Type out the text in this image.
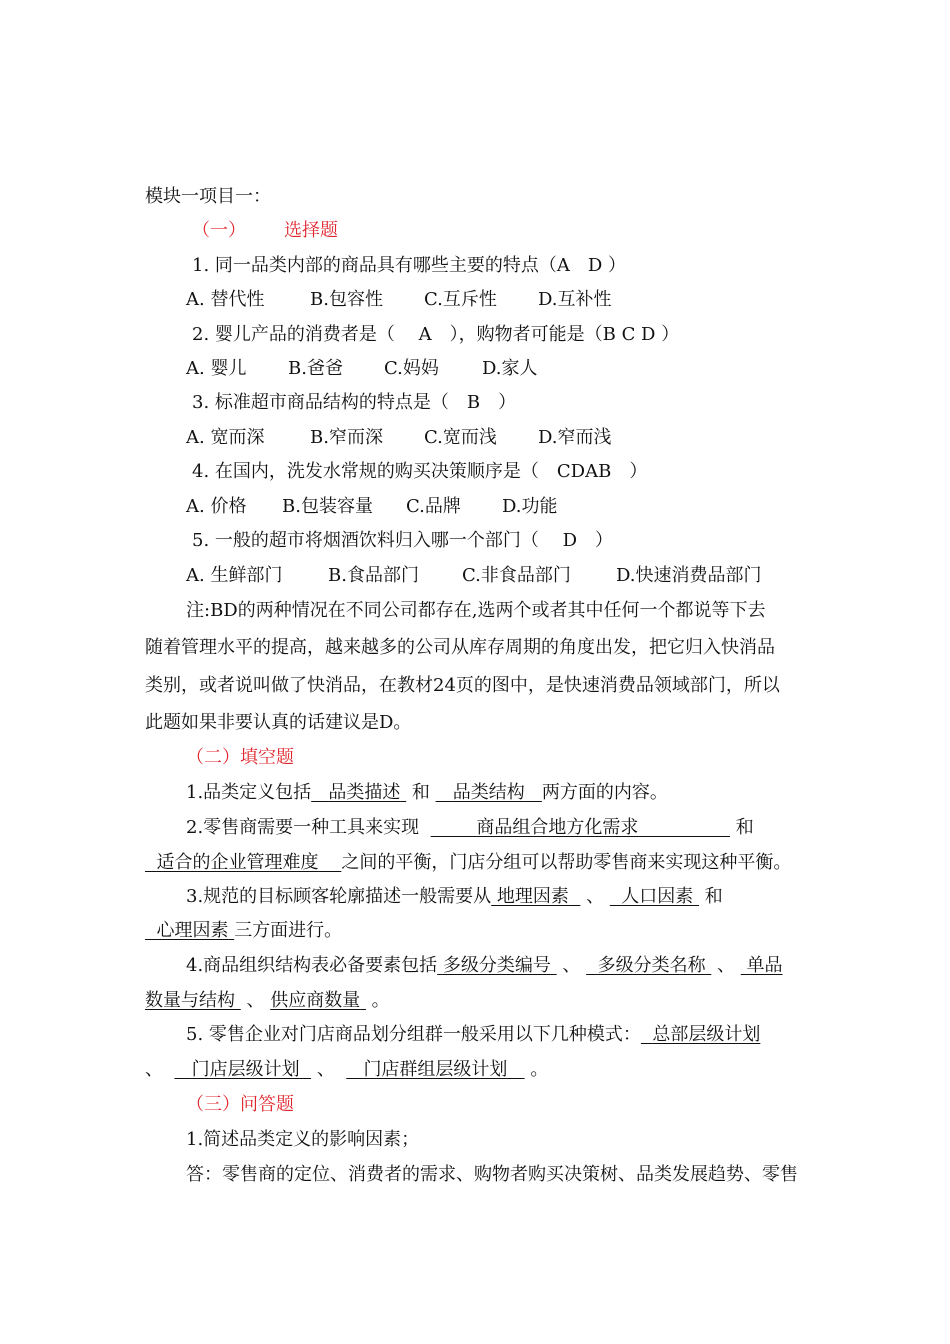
模块一项目一：
（一） 选择题
1. 同一品类内部的商品具有哪些主要的特点（A　D ）
A. 替代性	B.包容性 C.互斥性 D.互补性
2. 婴儿产品的消费者是（　 A　），购物者可能是（B C D ）
A. 婴儿 B.爸爸 C.妈妈 D.家人
3. 标准超市商品结构的特点是（　B　）
A. 宽而深	B.窄而深 C.宽而浅 D.窄而浅
4. 在国内，洗发水常规的购买决策顺序是（　CDAB　）
A. 价格 B.包装容量 C.品牌 D.功能
5. 一般的超市将烟酒饮料归入哪一个部门（　 D　）
A. 生鲜部门	B.食品部门 C.非食品部门	D.快速消费品部门
注:BD的两种情况在不同公司都存在,选两个或者其中任何一个都说等下去
随着管理水平的提高，越来越多的公司从库存周期的角度出发，把它归入快消品
类别，或者说叫做了快消品，在教材24页的图中，是快速消费品领域部门，所以
此题如果非要认真的话建议是D。
（二）填空题
1.品类定义包括 品类描述 和 品类结构 两方面的内容。
2.零售商需要一种工具来实现	商品组合地方化需求	和
适合的企业管理难度 之间的平衡，门店分组可以帮助零售商来实现这种平衡。
3.规范的目标顾客轮廓描述一般需要从 地理因素 、 人口因素 和
心理因素 三方面进行。
4.商品组织结构表必备要素包括 多级分类编号 、 多级分类名称 、 单品
数量与结构 、 供应商数量 。
5. 零售企业对门店商品划分组群一般采用以下几种模式： 总部层级计划
、 门店层级计划 、 门店群组层级计划 。
（三）问答题
1.简述品类定义的影响因素；
答：零售商的定位、消费者的需求、购物者购买决策树、品类发展趋势、零售
